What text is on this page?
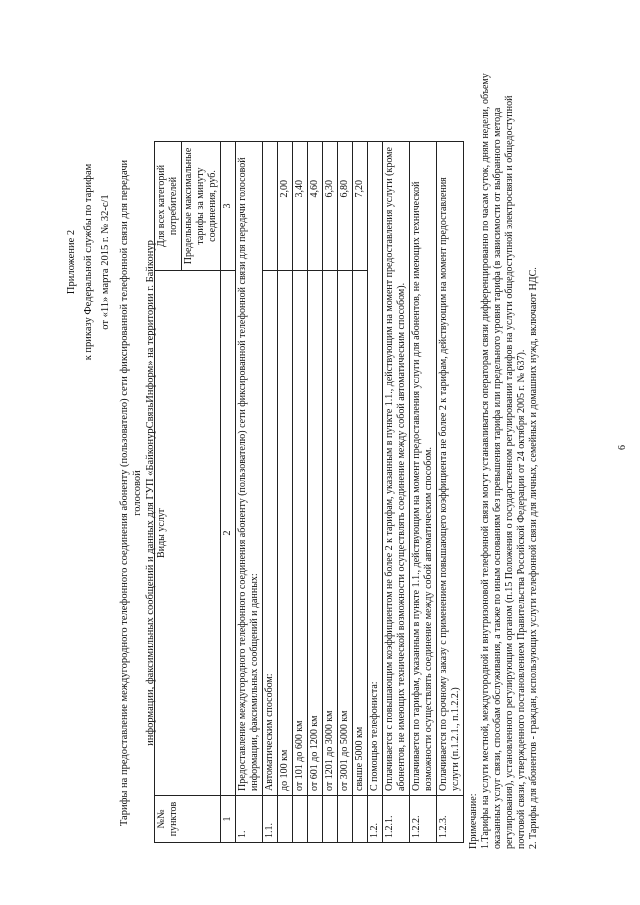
Приложение 2 к приказу Федеральной службы по тарифам от «11» марта 2015 г. № 32-с/1 Тарифы на предоставление междугородного телефонного соединения абоненту (пользователю) сети фиксированной телефонной связи для передачи голосовой информации, факсимильных сообщений и данных для ГУП «БайконурСвязьИнформ» на территории г. Байконур
№№ пунктов	Виды услуг	Для всех категорий потребителей
		Предельные максимальные тарифы за минуту соединения, руб.
1	2	3
1.	Предоставление междугородного телефонного соединения абоненту (пользователю) сети фиксированной телефонной связи для передачи голосовой информации, факсимильных сообщений и данных:	
1.1.	Автоматическим способом:	
	до 100 км	2,00
	от 101 до 600 км	3,40
	от 601 до 1200 км	4,60
	от 1201 до 3000 км	6,30
	от 3001 до 5000 км	6,80
	свыше 5000 км	7,20
1.2.	С помощью телефониста:	
1.2.1.	Оплачивается с повышающим коэффициентом не более 2 к тарифам, указанным в пункте 1.1., действующим на момент предоставления услуги (кроме абонентов, не имеющих технической возможности осуществлять соединение между собой автоматическим способом).	
1.2.2.	Оплачивается по тарифам, указанным в пункте 1.1., действующим на момент предоставления услуги для абонентов, не имеющих технической возможности осуществлять соединение между собой автоматическим способом.	
1.2.3.	Оплачивается по срочному заказу с применением повышающего коэффициента не более 2 к тарифам, действующим на момент предоставления услуги (п.1.2.1., п.1.2.2.)	

Примечание: 1.Тарифы на услуги местной, междугородной и внутризоновой телефонной связи могут устанавливаться операторам связи дифференцированно по часам суток, дням недели, объему оказанных услуг связи, способам обслуживания, а также по иным основаниям без превышения тарифа или предельного уровня тарифа (в зависимости от выбранного метода регулирования), установленного регулирующим органом (п.15 Положения о государственном регулировании тарифов на услуги общедоступной электросвязи и общедоступной почтовой связи, утвержденного постановлением Правительства Российской Федерации от 24 октября 2005 г. № 637). 2. Тарифы для абонентов - граждан, использующих услуги телефонной связи для личных, семейных и домашних нужд, включают НДС.	6
